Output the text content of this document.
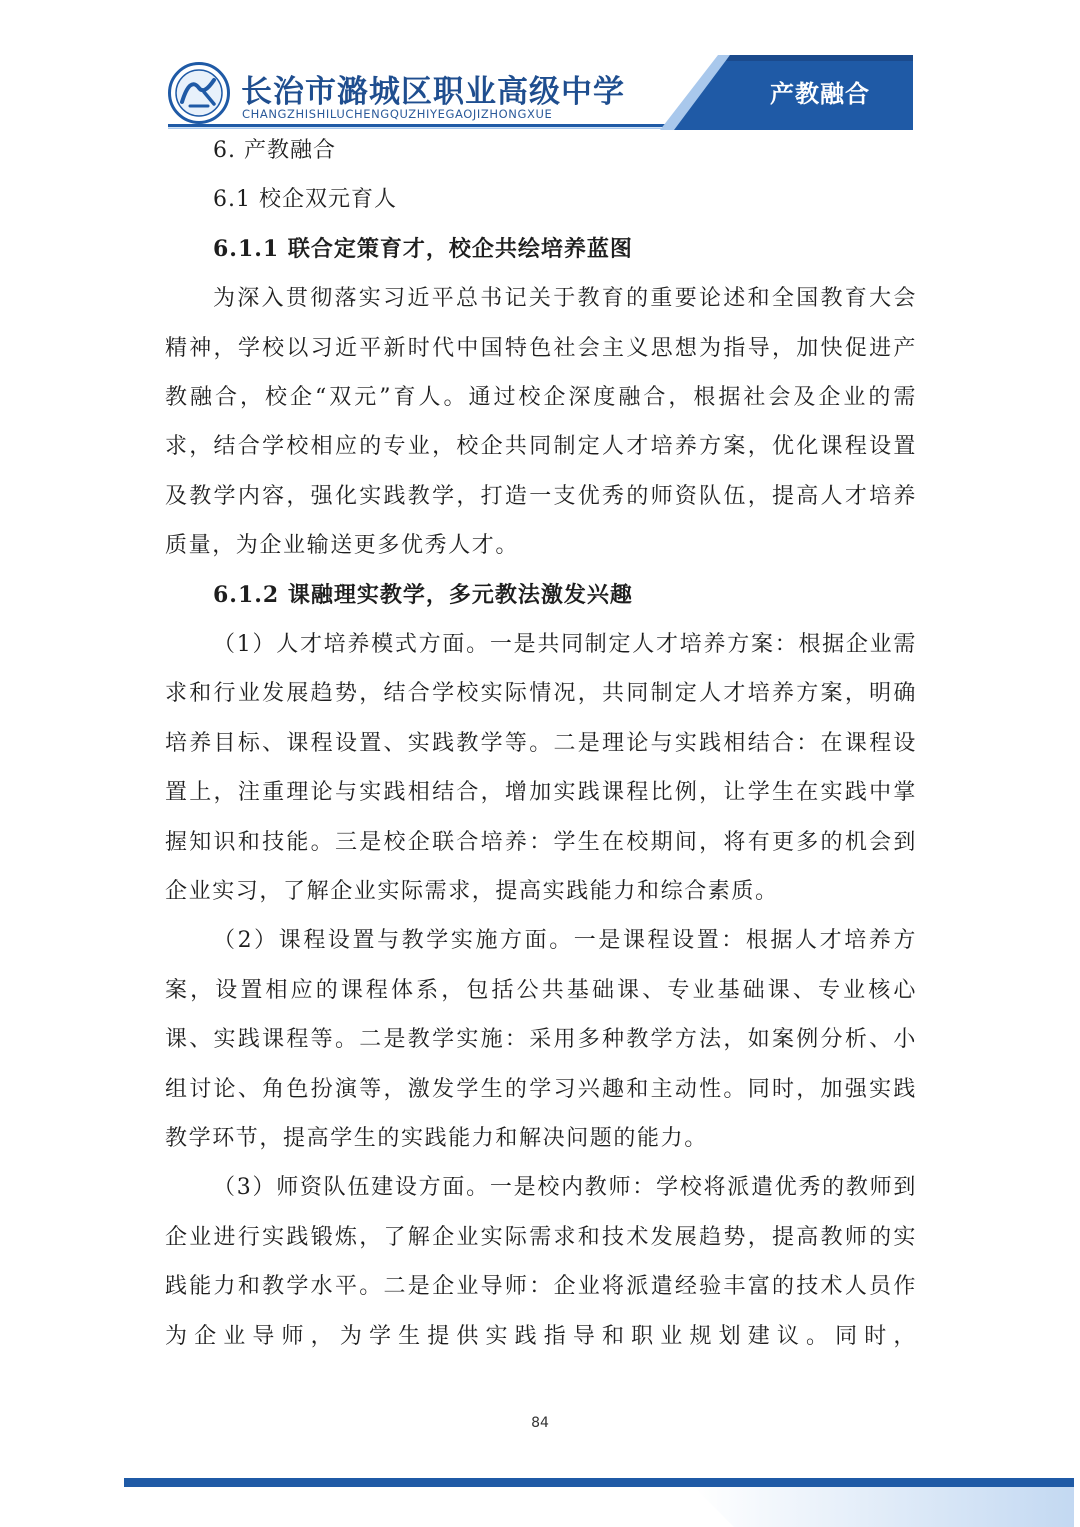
长治市潞城区职业高级中学
CHANGZHISHILUCHENGQUZHIYEGAOJIZHONGXUE
产教融合
6. 产教融合
6.1 校企双元育人
6.1.1 联合定策育才，校企共绘培养蓝图

为深入贯彻落实习近平总书记关于教育的重要论述和全国教育大会精神，学校以习近平新时代中国特色社会主义思想为指导，加快促进产教融合，校企“双元”育人。通过校企深度融合，根据社会及企业的需求，结合学校相应的专业，校企共同制定人才培养方案，优化课程设置及教学内容，强化实践教学，打造一支优秀的师资队伍，提高人才培养质量，为企业输送更多优秀人才。

6.1.2 课融理实教学，多元教法激发兴趣

（1）人才培养模式方面。一是共同制定人才培养方案：根据企业需求和行业发展趋势，结合学校实际情况，共同制定人才培养方案，明确培养目标、课程设置、实践教学等。二是理论与实践相结合：在课程设置上，注重理论与实践相结合，增加实践课程比例，让学生在实践中掌握知识和技能。三是校企联合培养：学生在校期间，将有更多的机会到企业实习，了解企业实际需求，提高实践能力和综合素质。

（2）课程设置与教学实施方面。一是课程设置：根据人才培养方案，设置相应的课程体系，包括公共基础课、专业基础课、专业核心课、实践课程等。二是教学实施：采用多种教学方法，如案例分析、小组讨论、角色扮演等，激发学生的学习兴趣和主动性。同时，加强实践教学环节，提高学生的实践能力和解决问题的能力。

（3）师资队伍建设方面。一是校内教师：学校将派遣优秀的教师到企业进行实践锻炼，了解企业实际需求和技术发展趋势，提高教师的实践能力和教学水平。二是企业导师：企业将派遣经验丰富的技术人员作为企业导师，为学生提供实践指导和职业规划建议。同时，

84
